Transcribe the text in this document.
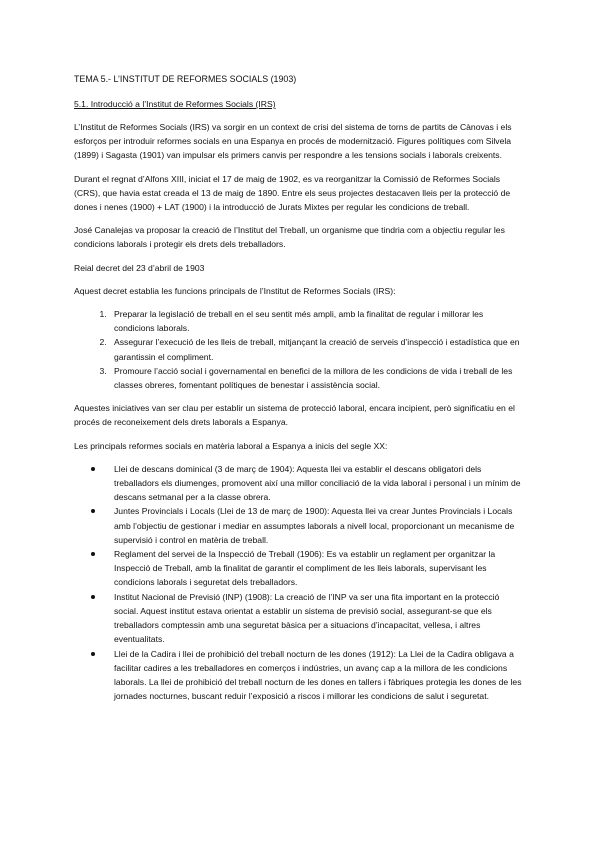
TEMA 5.- L’INSTITUT DE REFORMES SOCIALS (1903)
5.1. Introducció a l’Institut de Reformes Socials (IRS)

L’Institut de Reformes Socials (IRS) va sorgir en un context de crisi del sistema de torns de partits de Cànovas i els esforços per introduir reformes socials en una Espanya en procés de modernització. Figures polítiques com Silvela (1899) i Sagasta (1901) van impulsar els primers canvis per respondre a les tensions socials i laborals creixents.

Durant el regnat d’Alfons XIII, iniciat el 17 de maig de 1902, es va reorganitzar la Comissió de Reformes Socials (CRS), que havia estat creada el 13 de maig de 1890. Entre els seus projectes destacaven lleis per la protecció de dones i nenes (1900) + LAT (1900) i la introducció de Jurats Mixtes per regular les condicions de treball.

José Canalejas va proposar la creació de l’Institut del Treball, un organisme que tindria com a objectiu regular les condicions laborals i protegir els drets dels treballadors.

Reial decret del 23 d’abril de 1903

Aquest decret establia les funcions principals de l’Institut de Reformes Socials (IRS):

1. Preparar la legislació de treball en el seu sentit més ampli, amb la finalitat de regular i millorar les condicions laborals.
2. Assegurar l’execució de les lleis de treball, mitjançant la creació de serveis d’inspecció i estadística que en garantissin el compliment.
3. Promoure l’acció social i governamental en benefici de la millora de les condicions de vida i treball de les classes obreres, fomentant polítiques de benestar i assistència social.

Aquestes iniciatives van ser clau per establir un sistema de protecció laboral, encara incipient, però significatiu en el procés de reconeixement dels drets laborals a Espanya.

Les principals reformes socials en matèria laboral a Espanya a inicis del segle XX:

Llei de descans dominical (3 de març de 1904): Aquesta llei va establir el descans obligatori dels treballadors els diumenges, promovent així una millor conciliació de la vida laboral i personal i un mínim de descans setmanal per a la classe obrera.
Juntes Provincials i Locals (Llei de 13 de març de 1900): Aquesta llei va crear Juntes Provincials i Locals amb l’objectiu de gestionar i mediar en assumptes laborals a nivell local, proporcionant un mecanisme de supervisió i control en matèria de treball.
Reglament del servei de la Inspecció de Treball (1906): Es va establir un reglament per organitzar la Inspecció de Treball, amb la finalitat de garantir el compliment de les lleis laborals, supervisant les condicions laborals i seguretat dels treballadors.
Institut Nacional de Previsió (INP) (1908): La creació de l’INP va ser una fita important en la protecció social. Aquest institut estava orientat a establir un sistema de previsió social, assegurant-se que els treballadors comptessin amb una seguretat bàsica per a situacions d’incapacitat, vellesa, i altres eventualitats.
Llei de la Cadira i llei de prohibició del treball nocturn de les dones (1912): La Llei de la Cadira obligava a facilitar cadires a les treballadores en comerços i indústries, un avanç cap a la millora de les condicions laborals. La llei de prohibició del treball nocturn de les dones en tallers i fàbriques protegia les dones de les jornades nocturnes, buscant reduir l’exposició a riscos i millorar les condicions de salut i seguretat.
